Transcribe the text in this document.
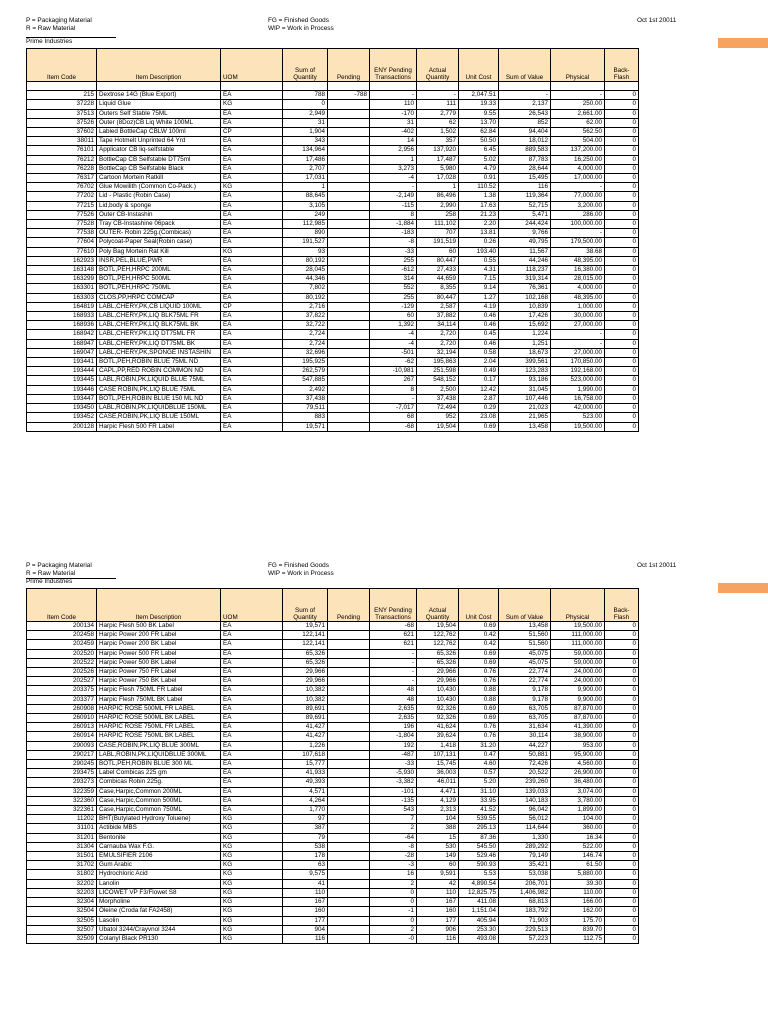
P = Packaging Material
R = Raw Material
FG = Finished Goods
WIP = Work in Process
Oct 1st 20011
Prime Industries
Item Code	Item Description	UOM	Sum of Quantity	Pending	ENY Pending Transactions	Actual Quantity	Unit Cost	Sum of Value	Physical	Back-Flash

215	Dextrose 14G (Blue Export)	EA	788	-788	-	-	2,047.51	-	-	0
37228	Liquid Glue	KG	0		110	111	19.33	2,137	250.00	0
37513	Outers Self Stable 75ML	EA	2,949		-170	2,779	9.55	26,543	2,661.00	0
37526	Outer (8Doz)CB Liq White 100ML	EA	31		31	62	13.70	852	62.00	0
37602	Labled BottleCap CBLW 100ml	CP	1,904		-402	1,502	62.84	94,404	562.50	0
38011	Tape Hotmelt Unprinted 64 Yrd	EA	343		14	357	50.50	18,012	504.00	0
76101	Applicator CB liq-selfstable	EA	134,964		2,956	137,920	6.45	889,583	137,200.00	0
76212	BottleCap CB Selfstable DT75ml	EA	17,486		1	17,487	5.02	87,783	16,250.00	0
76228	BottleCap CB Selfstable Black	EA	2,707		3,273	5,980	4.79	28,644	4,000.00	0
76317	Cartoon Mortein Ratkill	EA	17,031		-4	17,028	0.91	15,495	17,000.00	0
76702	Glue Mowilith (Common Co-Pack.)	KG	1		-	1	110.52	116	-	0
77202	Lid - Plastic (Robin Case)	EA	88,645		-2,149	86,496	1.38	119,364	77,000.00	0
77215	Lid,body & sponge	EA	3,105		-115	2,990	17.63	52,715	3,200.00	0
77526	Outer CB-Instashin	EA	249		8	258	21.23	5,471	286.00	0
77528	Tray CB-Instashine 06pack	EA	112,985		-1,884	111,102	2.20	244,424	100,000.00	0
77538	OUTER- Robin 225g.(Combicas)	EA	890		-183	707	13.81	9,766	-	0
77604	Polycoat-Paper Seal(Robin case)	EA	191,527		-8	191,519	0.26	49,795	179,500.00	0
77610	Poly Bag Mortein Rat Kill	KG	93		-33	60	193.40	11,567	38.68	0
162923	INSR,PEL,BLUE,PWR	EA	80,192		255	80,447	0.55	44,246	48,395.00	0
163148	BOTL,PEH,HRPC 200ML	EA	28,045		-612	27,433	4.31	118,237	16,380.00	0
163299	BOTL,PEH,HRPC 500ML	EA	44,346		314	44,659	7.15	319,314	28,015.00	0
163301	BOTL,PEH,HRPC 750ML	EA	7,802		552	8,355	9.14	76,361	4,000.00	0
163303	CLOS,PP,HRPC COMCAP	EA	80,192		255	80,447	1.27	102,168	48,395.00	0
164819	LABL,CHERY,PK,CB LIQUID 100ML	CP	2,716		-129	2,587	4.19	10,839	1,000.00	0
168933	LABL,CHERY,PK,LIQ BLK75ML FR	EA	37,822		60	37,882	0.46	17,426	30,000.00	0
168936	LABL,CHERY,PK,LIQ BLK75ML BK	EA	32,722		1,392	34,114	0.46	15,692	27,000.00	0
168942	LABL,CHERY,PK,LIQ DT75ML FR	EA	2,724		-4	2,720	0.45	1,224	-	0
168947	LABL,CHERY,PK,LIQ DT75ML BK	EA	2,724		-4	2,720	0.46	1,251	-	0
169047	LABL,CHERY,PK,SPONGE INSTASHIN	EA	32,696		-501	32,194	0.58	18,673	27,000.00	0
193441	BOTL,PEH,ROBIN BLUE 75ML ND	EA	195,925		-62	195,863	2.04	399,561	170,850.00	0
193444	CAPL,PP,RED ROBIN COMMON ND	EA	262,579		-10,981	251,598	0.49	123,283	192,168.00	0
193445	LABL,ROBIN,PK,LIQUID BLUE 75ML	EA	547,885		267	548,152	0.17	93,186	523,000.00	0
193446	CASE ROBIN,PK,LIQ BLUE 75ML	EA	2,492		8	2,500	12.42	31,045	1,990.00	0
193447	BOTL,PEH,ROBIN BLUE 150 ML ND	EA	37,438		-	37,438	2.87	107,446	16,758.00	0
193450	LABL,ROBIN,PK,LIQUIDBLUE 150ML	EA	79,511		-7,017	72,494	0.29	21,023	42,000.00	0
193452	CASE,ROBIN,PK,LIQ BLUE 150ML	EA	883		68	952	23.08	21,965	523.00	0
200128	Harpic Flesh 500 FR Label	EA	19,571		-68	19,504	0.69	13,458	19,500.00	0
P = Packaging Material
R = Raw Material
FG = Finished Goods
WIP = Work in Process
Oct 1st 20011
Prime Industries
Item Code	Item Description	UOM	Sum of Quantity	Pending	ENY Pending Transactions	Actual Quantity	Unit Cost	Sum of Value	Physical	Back-Flash
200134	Harpic Flesh 500 BK Label	EA	19,571		-68	19,504	0.69	13,458	19,500.00	0
202458	Harpic Power 200 FR Label	EA	122,141		621	122,762	0.42	51,560	111,000.00	0
202459	Harpic Power 200 BK Label	EA	122,141		621	122,762	0.42	51,560	111,000.00	0
202520	Harpic Power 500 FR Label	EA	65,326		-	65,326	0.69	45,075	59,000.00	0
202522	Harpic Power 500 BK Label	EA	65,326		-	65,326	0.69	45,075	59,000.00	0
202526	Harpic Power 750 FR Label	EA	29,966		-	29,966	0.76	22,774	24,000.00	0
202527	Harpic Power 750 BK Label	EA	29,966		-	29,966	0.76	22,774	24,000.00	0
203375	Harpic Flesh 750ML FR Label	EA	10,382		48	10,430	0.88	9,178	9,900.00	0
203377	Harpic Flesh 750ML BK Label	EA	10,382		48	10,430	0.88	9,178	9,900.00	0
260908	HARPIC ROSE 500ML FR LABEL	EA	89,691		2,635	92,326	0.69	63,705	87,870.00	0
260910	HARPIC ROSE 500ML BK LABEL	EA	89,691		2,635	92,326	0.69	63,705	87,870.00	0
260913	HARPIC ROSE 750ML FR LABEL	EA	41,427		196	41,624	0.76	31,634	41,390.00	0
260914	HARPIC ROSE 750ML BK LABEL	EA	41,427		-1,804	39,624	0.76	30,114	38,900.00	0
290093	CASE,ROBIN,PK,LIQ BLUE 300ML	EA	1,226		192	1,418	31.20	44,227	953.00	0
290217	LABL,ROBIN,PK,LIQUIDBLUE 300ML	EA	107,618		-487	107,131	0.47	50,881	95,900.00	0
290245	BOTL,PEH,ROBIN BLUE 300 ML	EA	15,777		-33	15,745	4.60	72,426	4,560.00	0
293475	Label Combicas 225 gm	EA	41,933		-5,930	36,003	0.57	20,522	26,900.00	0
293273	Combicas Robin 225g.	EA	49,393		-3,382	46,011	5.20	239,260	36,480.00	0
322359	Case,Harpic,Common 200ML	EA	4,571		-101	4,471	31.10	139,033	3,074.00	0
322360	Case,Harpic,Common 500ML	EA	4,264		-135	4,129	33.95	140,183	3,780.00	0
322361	Case,Harpic,Common 750ML	EA	1,770		543	2,313	41.52	96,042	1,899.00	0
11202	BHT(Butylated Hydroxy Toluene)	KG	97		7	104	539.55	56,012	104.00	0
31101	Actibide MBS	KG	387		2	388	295.13	114,644	360.00	0
31201	Bentonite	KG	79		-64	15	87.36	1,330	16.34	0
31304	Carnauba Wax F.G.	KG	538		-8	530	545.50	289,292	522.00	0
31501	EMULSIFIER 2106	KG	178		-28	149	529.46	79,149	146.74	0
31702	Gum Arabic	KG	63		-3	60	590.93	35,421	61.50	0
31802	Hydrochloric Acid	KG	9,575		16	9,591	5.53	53,038	5,880.00	0
32202	Lanolin	KG	41		2	42	4,890.54	206,701	39.30	0
32203	LICOWET VP F3/Flowet S8	KG	110		0	110	12,825.75	1,406,982	110.00	0
32304	Morpholine	KG	167		0	167	411.08	68,813	166.00	0
32504	Oleine (Croda fat FA2458)	KG	160		-1	160	1,151.04	183,792	162.00	0
32505	Lasolin	KG	177		0	177	405.94	71,903	175.70	0
32507	Ubatol 3244/Crayvnol 3244	KG	904		2	906	253.30	229,513	839.70	0
32509	Colanyl Black PR130	KG	116		-0	116	493.08	57,223	112.75	0
